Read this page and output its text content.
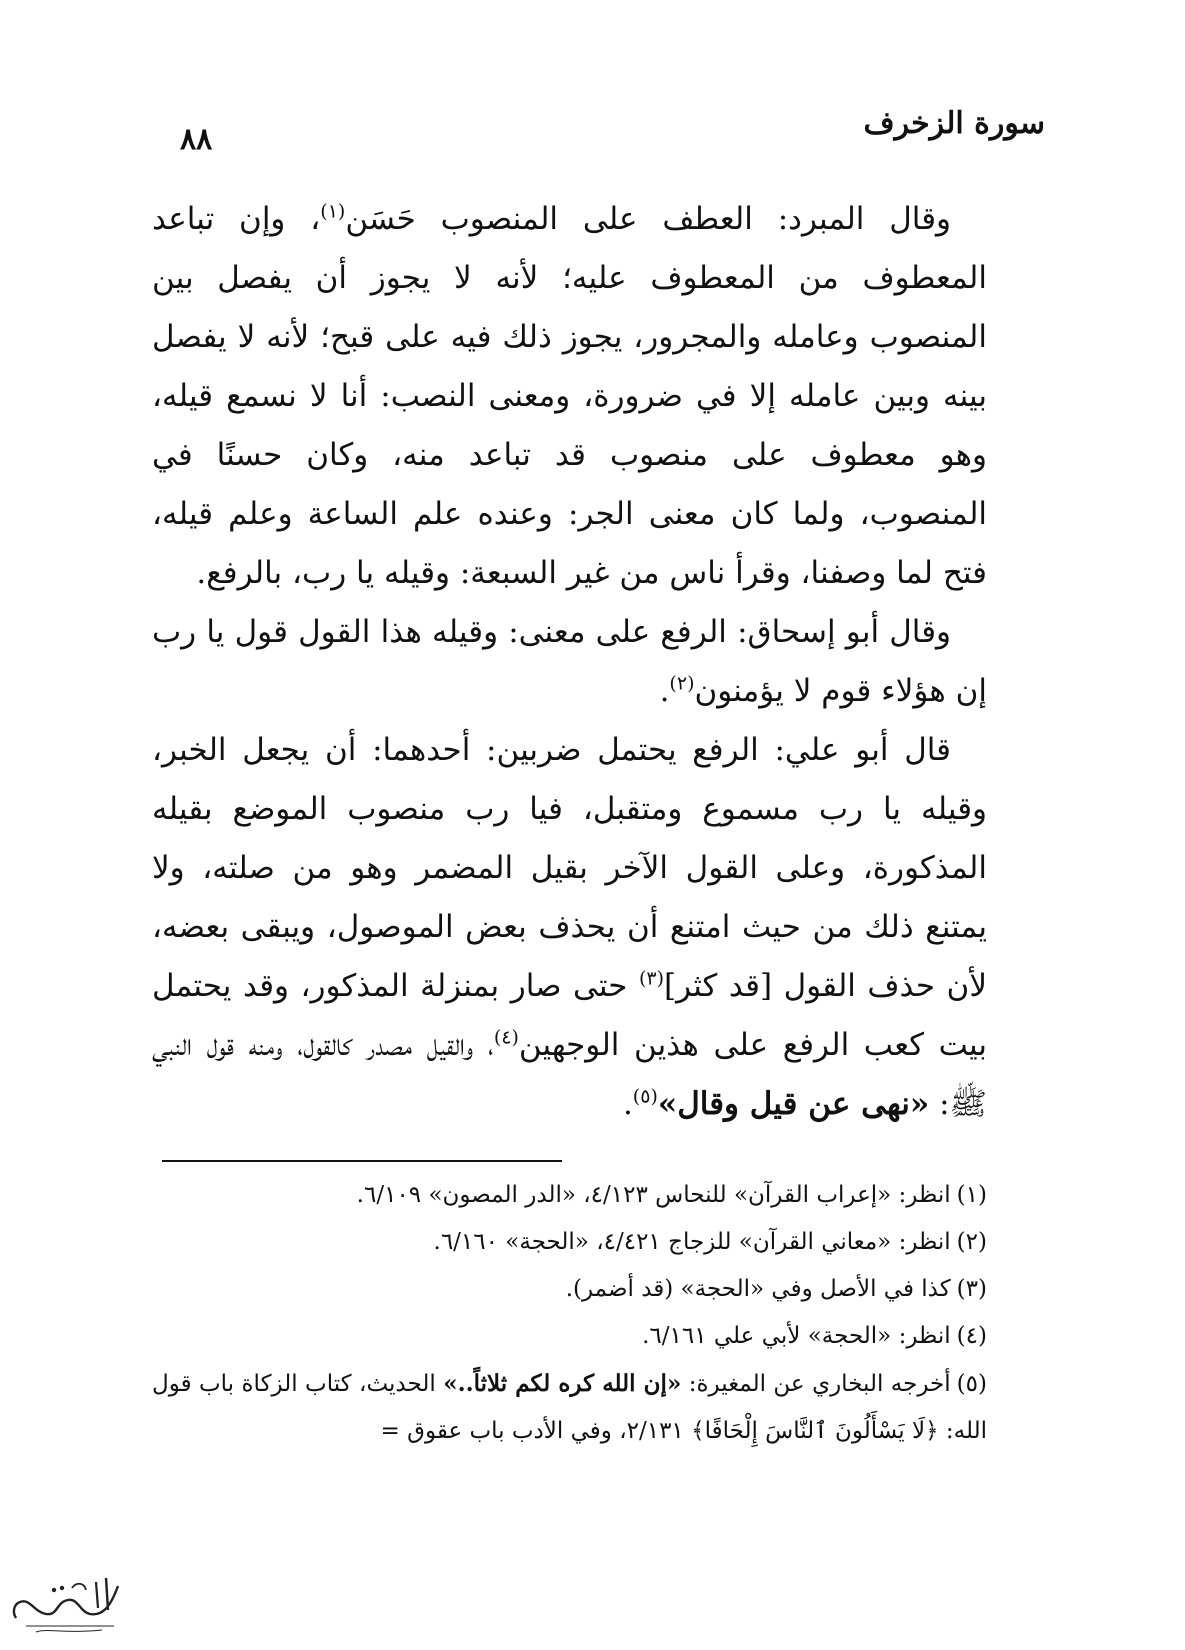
سورة الزخرف
٨٨

وقال المبرد: العطف على المنصوب حَسَن$^{(١)}$، وإن تباعد المعطوف من المعطوف عليه؛ لأنه لا يجوز أن يفصل بين المنصوب وعامله والمجرور، يجوز ذلك فيه على قبح؛ لأنه لا يفصل بينه وبين عامله إلا في ضرورة، ومعنى النصب: أنا لا نسمع قيله، وهو معطوف على منصوب قد تباعد منه، وكان حسنًا في المنصوب، ولما كان معنى الجر: وعنده علم الساعة وعلم قيله، فتح لما وصفنا، وقرأ ناس من غير السبعة: وقيله يا رب، بالرفع.

وقال أبو إسحاق: الرفع على معنى: وقيله هذا القول قول يا رب إن هؤلاء قوم لا يؤمنون$^{(٢)}$.

قال أبو علي: الرفع يحتمل ضربين: أحدهما: أن يجعل الخبر، وقيله يا رب مسموع ومتقبل، فيا رب منصوب الموضع بقيله المذكورة، وعلى القول الآخر بقيل المضمر وهو من صلته، ولا يمتنع ذلك من حيث امتنع أن يحذف بعض الموصول، ويبقى بعضه، لأن حذف القول [قد كثر]$^{(٣)}$ حتى صار بمنزلة المذكور، وقد يحتمل بيت كعب الرفع على هذين الوجهين$^{(٤)}$، والقيل مصدر كالقول، ومنه قول النبي ﷺ: «نهى عن قيل وقال»$^{(٥)}$.

(١)انظر: «إعراب القرآن» للنحاس ٤/١٢٣، «الدر المصون» ٦/١٠٩.

(٢)انظر: «معاني القرآن» للزجاج ٤/٤٢١، «الحجة» ٦/١٦٠.

(٣)كذا في الأصل وفي «الحجة» (قد أضمر).

(٤)انظر: «الحجة» لأبي علي ٦/١٦١.

(٥)أخرجه البخاري عن المغيرة: «إن الله كره لكم ثلاثاً..» الحديث، كتاب الزكاة باب قول الله: ﴿لَا يَسْأَلُونَ ٱلنَّاسَ إِلْحَافًا﴾ ٢/١٣١، وفي الأدب باب عقوق =
